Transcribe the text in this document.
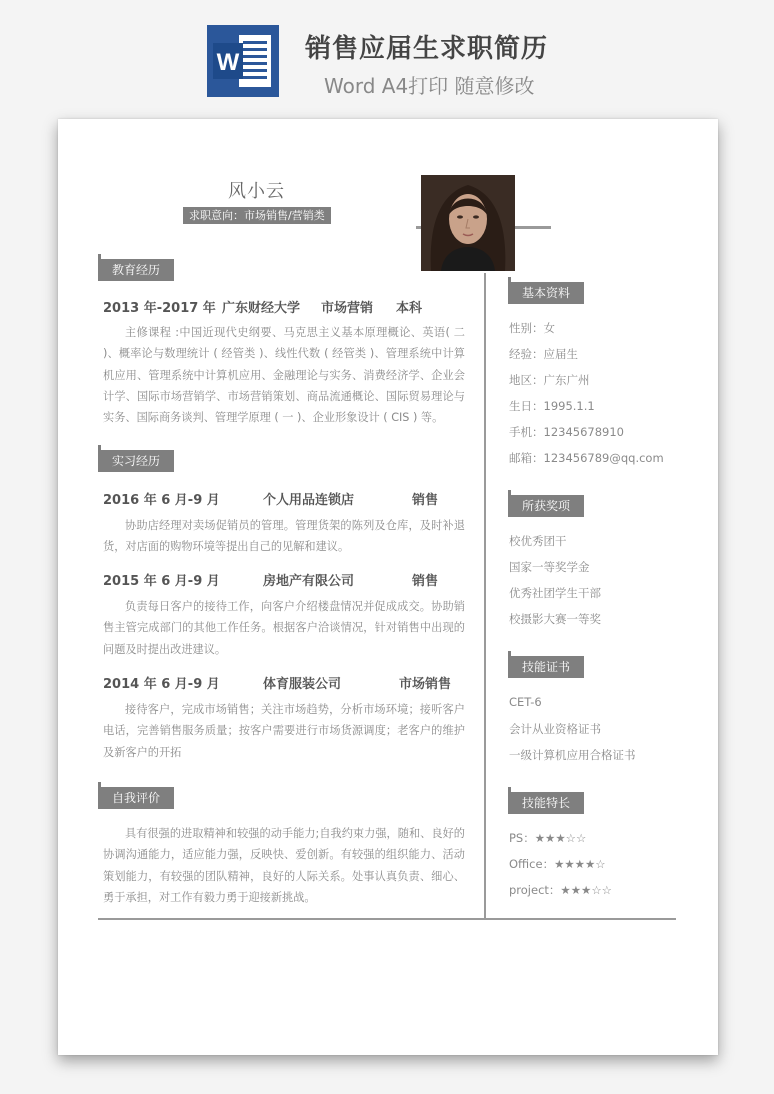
W	销售应届生求职简历
Word A4打印 随意修改

风小云
求职意向：市场销售/营销类
教育经历
2013 年-2017 年 广东财经大学 市场营销 本科
主修课程 :中国近现代史纲要、马克思主义基本原理概论、英语( 二 )、概率论与数理统计 ( 经管类 )、线性代数 ( 经管类 )、管理系统中计算机应用、管理系统中计算机应用、金融理论与实务、消费经济学、企业会计学、国际市场营销学、市场营销策划、商品流通概论、国际贸易理论与实务、国际商务谈判、管理学原理 ( 一 )、企业形象设计 ( CIS ) 等。
实习经历
2016 年 6 月-9 月	个人用品连锁店	销售
协助店经理对卖场促销员的管理。管理货架的陈列及仓库，及时补退货，对店面的购物环境等提出自己的见解和建议。
2015 年 6 月-9 月	房地产有限公司	销售
负责每日客户的接待工作，向客户介绍楼盘情况并促成成交。协助销售主管完成部门的其他工作任务。根据客户洽谈情况，针对销售中出现的问题及时提出改进建议。
2014 年 6 月-9 月	体育服装公司	市场销售
接待客户，完成市场销售；关注市场趋势，分析市场环境；接听客户电话，完善销售服务质量；按客户需要进行市场货源调度；老客户的维护及新客户的开拓
自我评价
具有很强的进取精神和较强的动手能力;自我约束力强，随和、良好的协调沟通能力，适应能力强，反映快、爱创新。有较强的组织能力、活动策划能力，有较强的团队精神，良好的人际关系。处事认真负责、细心、勇于承担，对工作有毅力勇于迎接新挑战。
基本资料
性别：女
经验：应届生
地区：广东广州
生日：1995.1.1
手机：12345678910
邮箱：123456789@qq.com
所获奖项
校优秀团干
国家一等奖学金
优秀社团学生干部
校摄影大赛一等奖
技能证书
CET-6
会计从业资格证书
一级计算机应用合格证书
技能特长
PS：★★★☆☆
Office：★★★★☆
project：★★★☆☆
